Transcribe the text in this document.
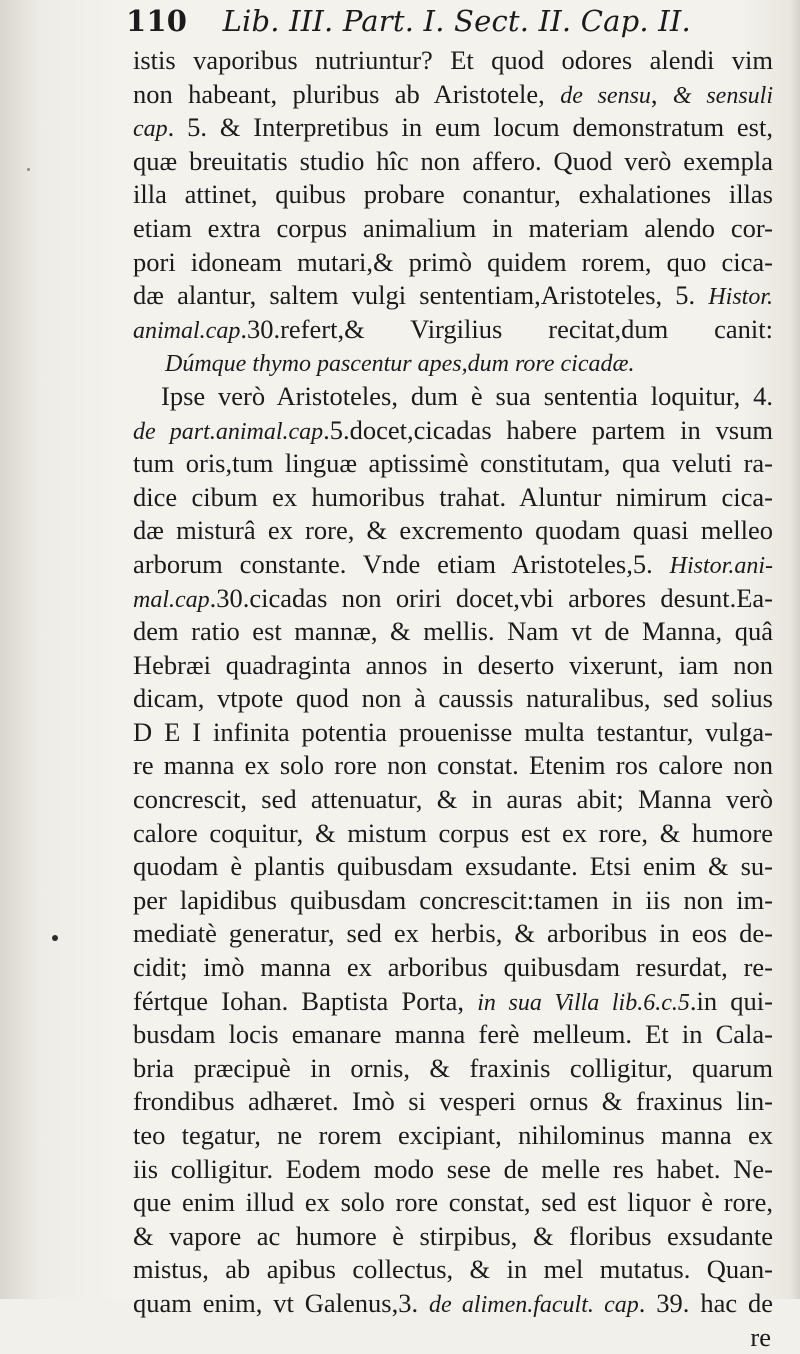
110 Lib. III. Part. I. Sect. II. Cap. II.
istis vaporibus nutriuntur? Et quod odores alendi vim
non habeant, pluribus ab Aristotele, de sensu, & sensuli
cap. 5. & Interpretibus in eum locum demonstratum est,
quæ breuitatis studio hîc non affero. Quod verò exempla
illa attinet, quibus probare conantur, exhalationes illas
etiam extra corpus animalium in materiam alendo cor-
pori idoneam mutari,& primò quidem rorem, quo cica-
dæ alantur, saltem vulgi sententiam,Aristoteles, 5. Histor.
animal.cap.30.refert,& Virgilius recitat,dum canit:
Dúmque thymo pascentur apes,dum rore cicadæ.
Ipse verò Aristoteles, dum è sua sententia loquitur, 4.
de part.animal.cap.5.docet,cicadas habere partem in vsum
tum oris,tum linguæ aptissimè constitutam, qua veluti ra-
dice cibum ex humoribus trahat. Aluntur nimirum cica-
dæ misturâ ex rore, & excremento quodam quasi melleo
arborum constante. Vnde etiam Aristoteles,5. Histor.ani-
mal.cap.30.cicadas non oriri docet,vbi arbores desunt.Ea-
dem ratio est mannæ, & mellis. Nam vt de Manna, quâ
Hebræi quadraginta annos in deserto vixerunt, iam non
dicam, vtpote quod non à caussis naturalibus, sed solius
D E I infinita potentia prouenisse multa testantur, vulga-
re manna ex solo rore non constat. Etenim ros calore non
concrescit, sed attenuatur, & in auras abit; Manna verò
calore coquitur, & mistum corpus est ex rore, & humore
quodam è plantis quibusdam exsudante. Etsi enim & su-
per lapidibus quibusdam concrescit:tamen in iis non im-
mediatè generatur, sed ex herbis, & arboribus in eos de-
cidit; imò manna ex arboribus quibusdam resurdat, re-
fértque Iohan. Baptista Porta, in sua Villa lib.6.c.5.in qui-
busdam locis emanare manna ferè melleum. Et in Cala-
bria præcipuè in ornis, & fraxinis colligitur, quarum
frondibus adhæret. Imò si vesperi ornus & fraxinus lin-
teo tegatur, ne rorem excipiant, nihilominus manna ex
iis colligitur. Eodem modo sese de melle res habet. Ne-
que enim illud ex solo rore constat, sed est liquor è rore,
& vapore ac humore è stirpibus, & floribus exsudante
mistus, ab apibus collectus, & in mel mutatus. Quan-
quam enim, vt Galenus,3. de alimen.facult. cap. 39. hac de
re
